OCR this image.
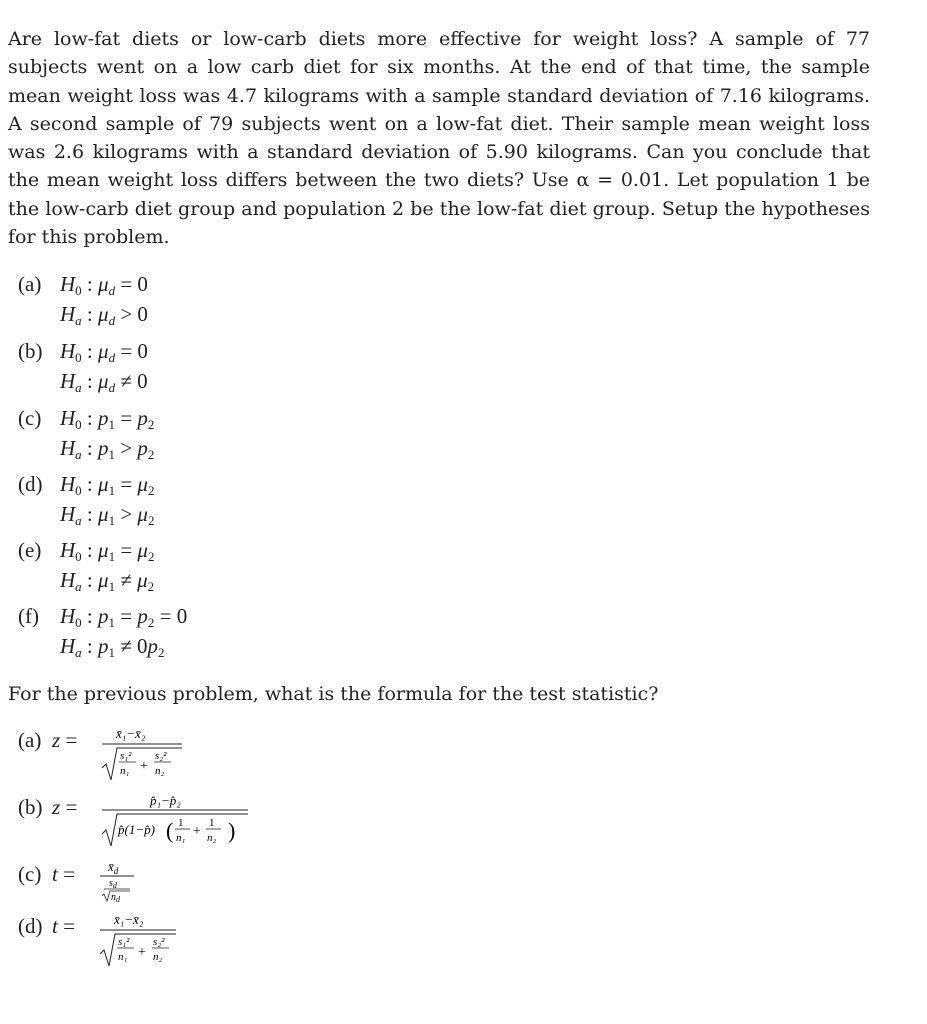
Are low-fat diets or low-carb diets more effective for weight loss? A sample of 77 subjects went on a low carb diet for six months. At the end of that time, the sample mean weight loss was 4.7 kilograms with a sample standard deviation of 7.16 kilograms. A second sample of 79 subjects went on a low-fat diet. Their sample mean weight loss was 2.6 kilograms with a standard deviation of 5.90 kilograms. Can you conclude that the mean weight loss differs between the two diets? Use α = 0.01. Let population 1 be the low-carb diet group and population 2 be the low-fat diet group. Setup the hypotheses for this problem.

(a) $H_0$ : $\mu_d = 0$
$H_a$ : $\mu_d > 0$
(b) $H_0$ : $\mu_d = 0$
$H_a$ : $\mu_d \ne 0$
(c) $H_0$ : $p_1 = p_2$
$H_a$ : $p_1 > p_2$
(d) $H_0$ : $\mu_1 = \mu_2$
$H_a$ : $\mu_1 > \mu_2$
(e) $H_0$ : $\mu_1 = \mu_2$
$H_a$ : $\mu_1 \ne \mu_2$
(f) $H_0$ : $p_1 = p_2 = 0$
$H_a$ : $p_1 \ne 0p_2$

For the previous problem, what is the formula for the test statistic?

(a) z =	x̄₁−x̄₂
s₁²
n₁ +
s₂²
n₂
(b) z =	p̂₁−p̂₂
p̂(1−p̂) ( 1
n₁ +
1
n₂ )
(c) t =	$x̄_d$
$s_d$
$n_d$
(d) t =	x̄₁−x̄₂
s₁²
n₁ +
s₂²
n₂
